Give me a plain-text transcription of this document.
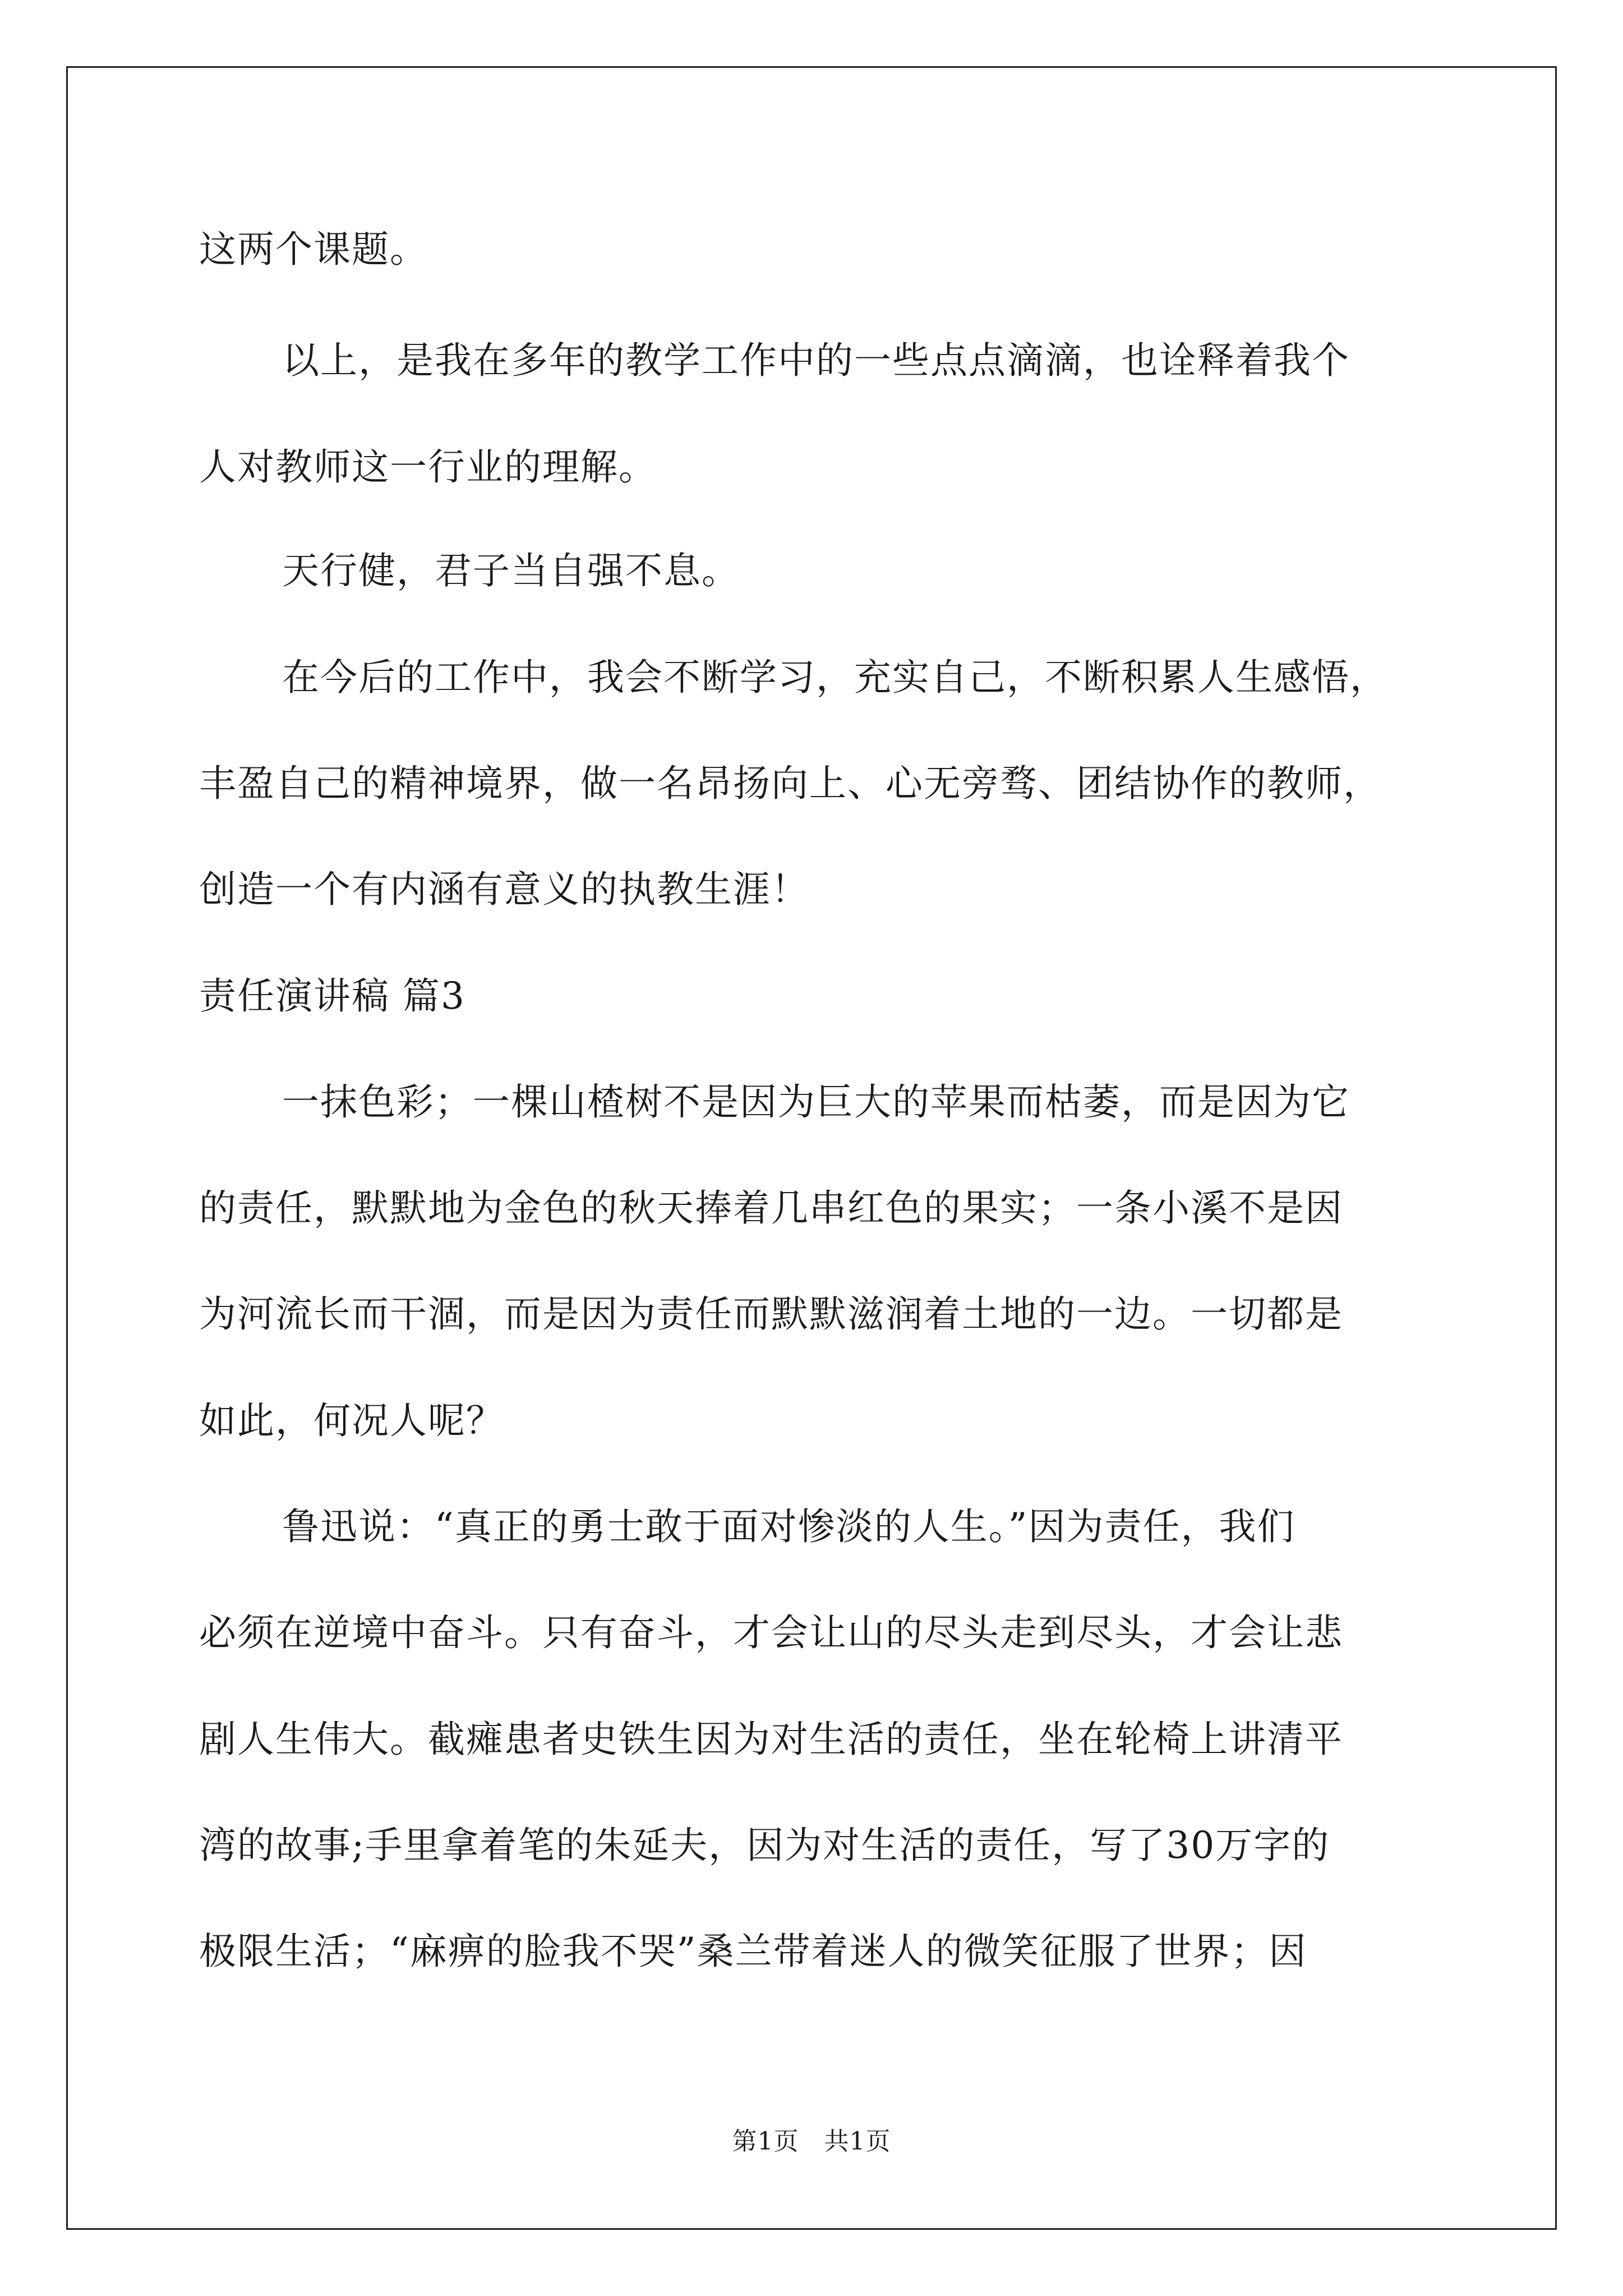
这两个课题。
以上，是我在多年的教学工作中的一些点点滴滴，也诠释着我个
人对教师这一行业的理解。
天行健，君子当自强不息。
在今后的工作中，我会不断学习，充实自己，不断积累人生感悟，
丰盈自己的精神境界，做一名昂扬向上、心无旁骛、团结协作的教师，
创造一个有内涵有意义的执教生涯！
责任演讲稿 篇3
一抹色彩；一棵山楂树不是因为巨大的苹果而枯萎，而是因为它
的责任，默默地为金色的秋天捧着几串红色的果实；一条小溪不是因
为河流长而干涸，而是因为责任而默默滋润着土地的一边。一切都是
如此，何况人呢？
鲁迅说：“真正的勇士敢于面对惨淡的人生。”因为责任，我们
必须在逆境中奋斗。只有奋斗，才会让山的尽头走到尽头，才会让悲
剧人生伟大。截瘫患者史铁生因为对生活的责任，坐在轮椅上讲清平
湾的故事;手里拿着笔的朱延夫，因为对生活的责任，写了30万字的
极限生活；“麻痹的脸我不哭”桑兰带着迷人的微笑征服了世界；因
第1页　共1页
